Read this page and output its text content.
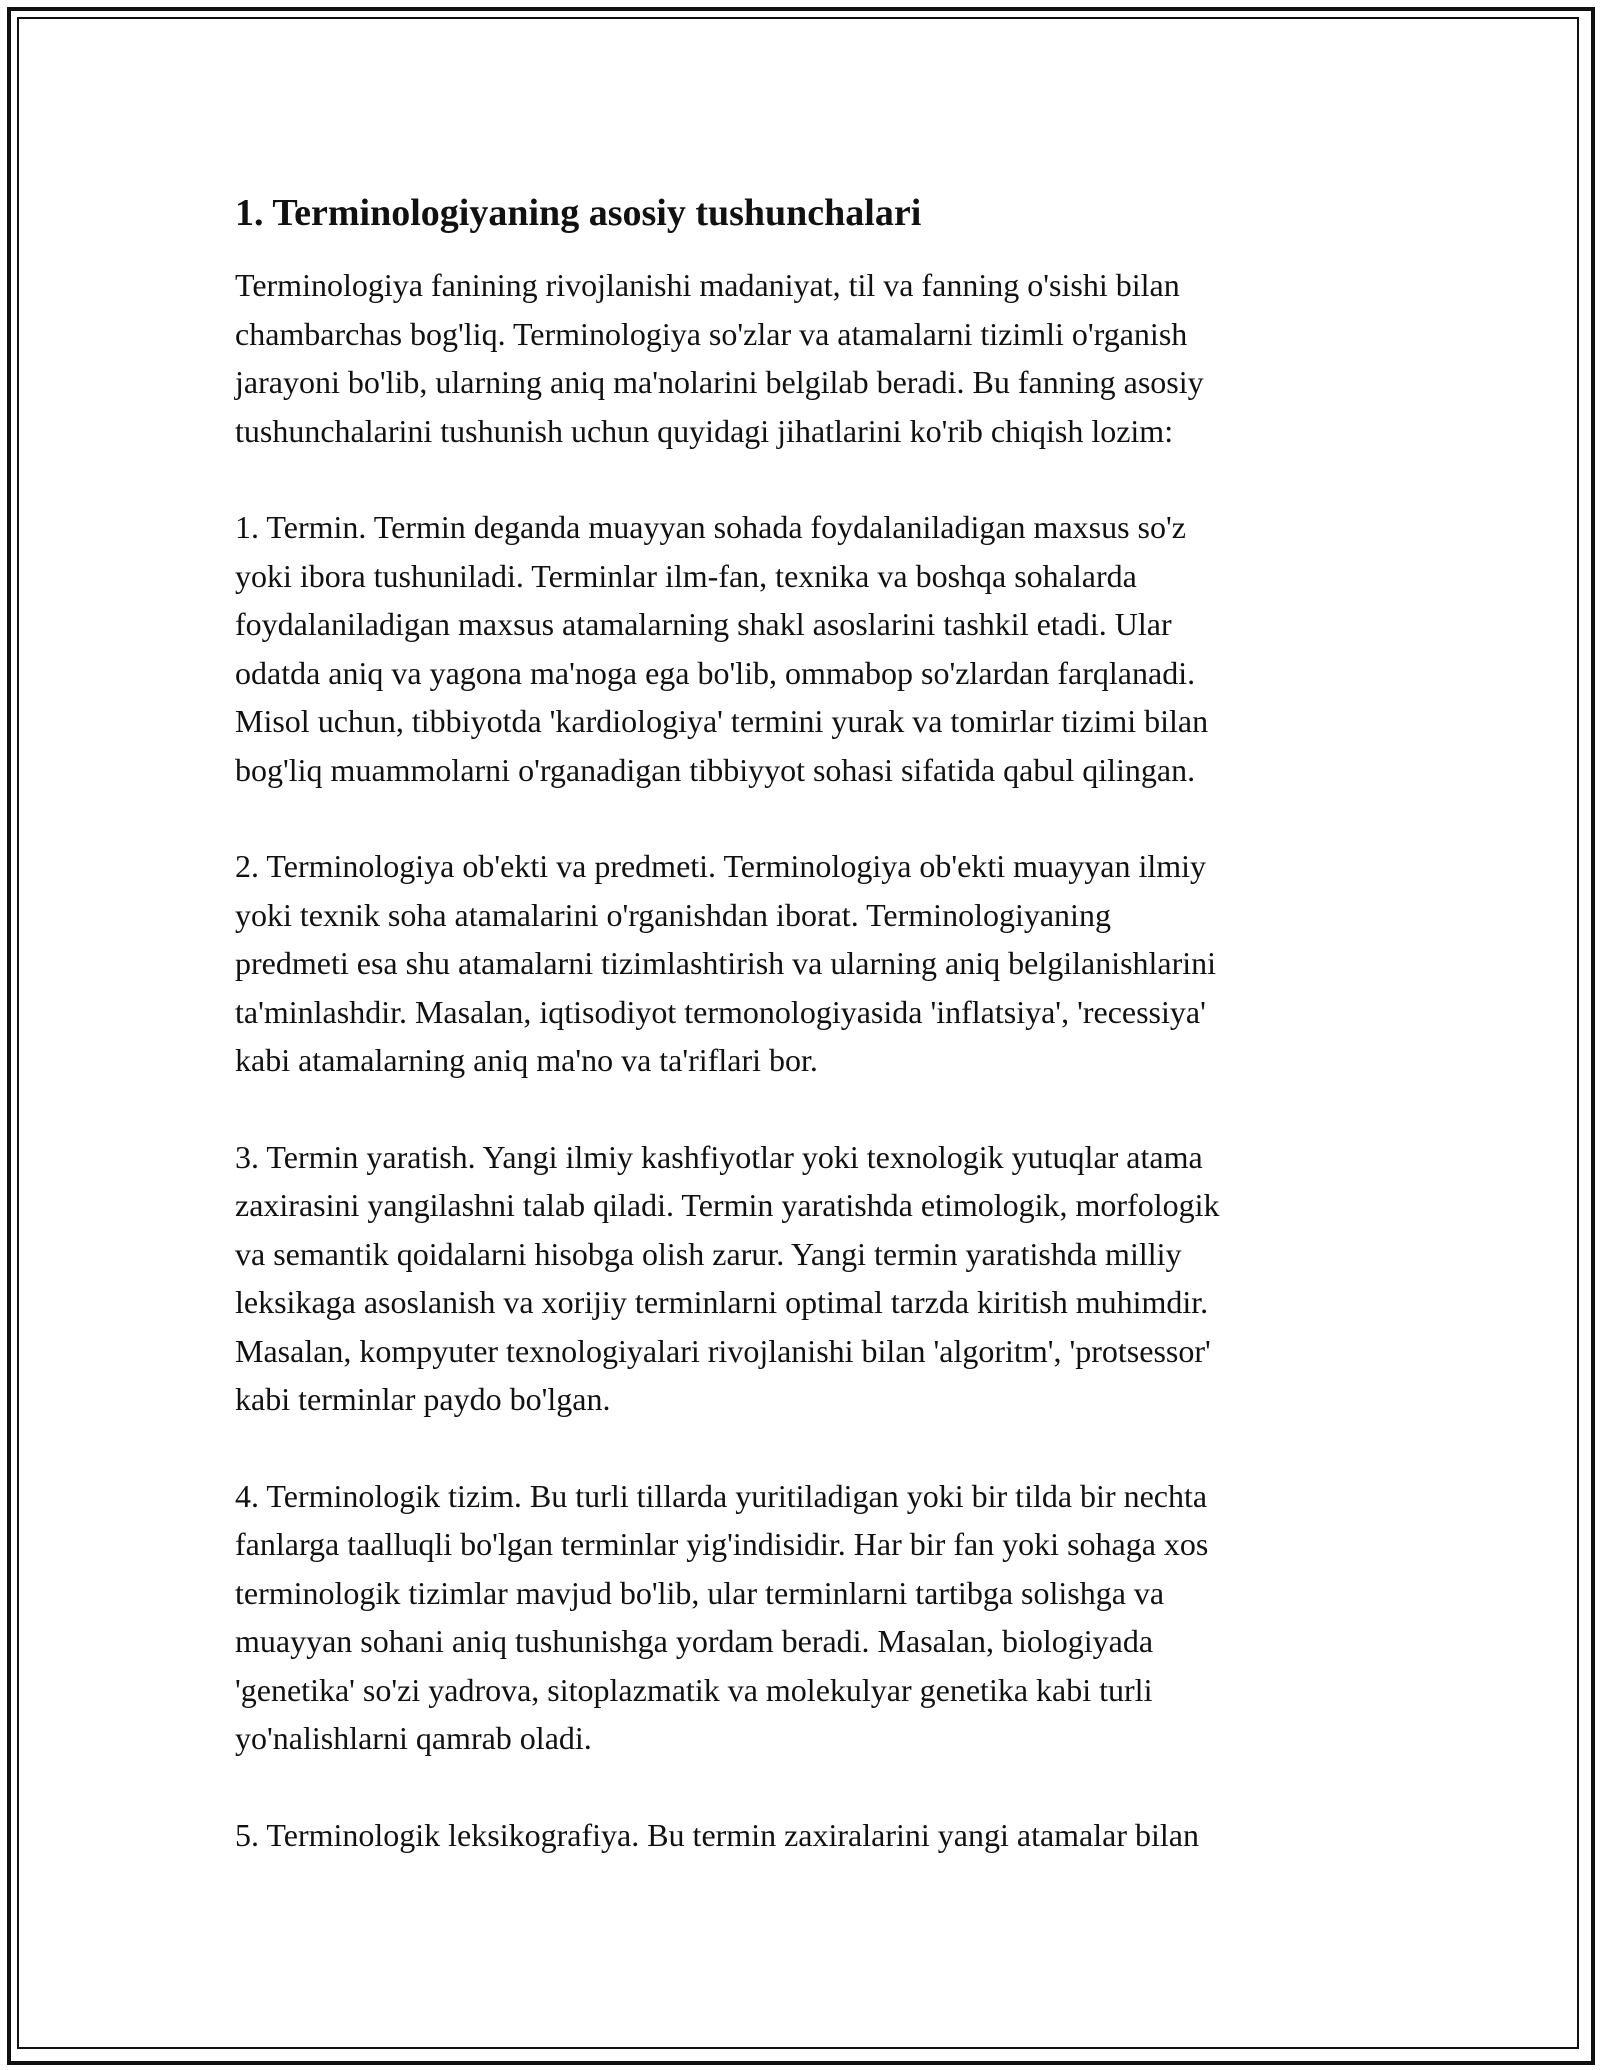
1. Terminologiyaning asosiy tushunchalari
Terminologiya fanining rivojlanishi madaniyat, til va fanning o'sishi bilan
chambarchas bog'liq. Terminologiya so'zlar va atamalarni tizimli o'rganish
jarayoni bo'lib, ularning aniq ma'nolarini belgilab beradi. Bu fanning asosiy
tushunchalarini tushunish uchun quyidagi jihatlarini ko'rib chiqish lozim:
1. Termin. Termin deganda muayyan sohada foydalaniladigan maxsus so'z
yoki ibora tushuniladi. Terminlar ilm-fan, texnika va boshqa sohalarda
foydalaniladigan maxsus atamalarning shakl asoslarini tashkil etadi. Ular
odatda aniq va yagona ma'noga ega bo'lib, ommabop so'zlardan farqlanadi.
Misol uchun, tibbiyotda 'kardiologiya' termini yurak va tomirlar tizimi bilan
bog'liq muammolarni o'rganadigan tibbiyyot sohasi sifatida qabul qilingan.
2. Terminologiya ob'ekti va predmeti. Terminologiya ob'ekti muayyan ilmiy
yoki texnik soha atamalarini o'rganishdan iborat. Terminologiyaning
predmeti esa shu atamalarni tizimlashtirish va ularning aniq belgilanishlarini
ta'minlashdir. Masalan, iqtisodiyot termonologiyasida 'inflatsiya', 'recessiya'
kabi atamalarning aniq ma'no va ta'riflari bor.
3. Termin yaratish. Yangi ilmiy kashfiyotlar yoki texnologik yutuqlar atama
zaxirasini yangilashni talab qiladi. Termin yaratishda etimologik, morfologik
va semantik qoidalarni hisobga olish zarur. Yangi termin yaratishda milliy
leksikaga asoslanish va xorijiy terminlarni optimal tarzda kiritish muhimdir.
Masalan, kompyuter texnologiyalari rivojlanishi bilan 'algoritm', 'protsessor'
kabi terminlar paydo bo'lgan.
4. Terminologik tizim. Bu turli tillarda yuritiladigan yoki bir tilda bir nechta
fanlarga taalluqli bo'lgan terminlar yig'indisidir. Har bir fan yoki sohaga xos
terminologik tizimlar mavjud bo'lib, ular terminlarni tartibga solishga va
muayyan sohani aniq tushunishga yordam beradi. Masalan, biologiyada
'genetika' so'zi yadrova, sitoplazmatik va molekulyar genetika kabi turli
yo'nalishlarni qamrab oladi.
5. Terminologik leksikografiya. Bu termin zaxiralarini yangi atamalar bilan
